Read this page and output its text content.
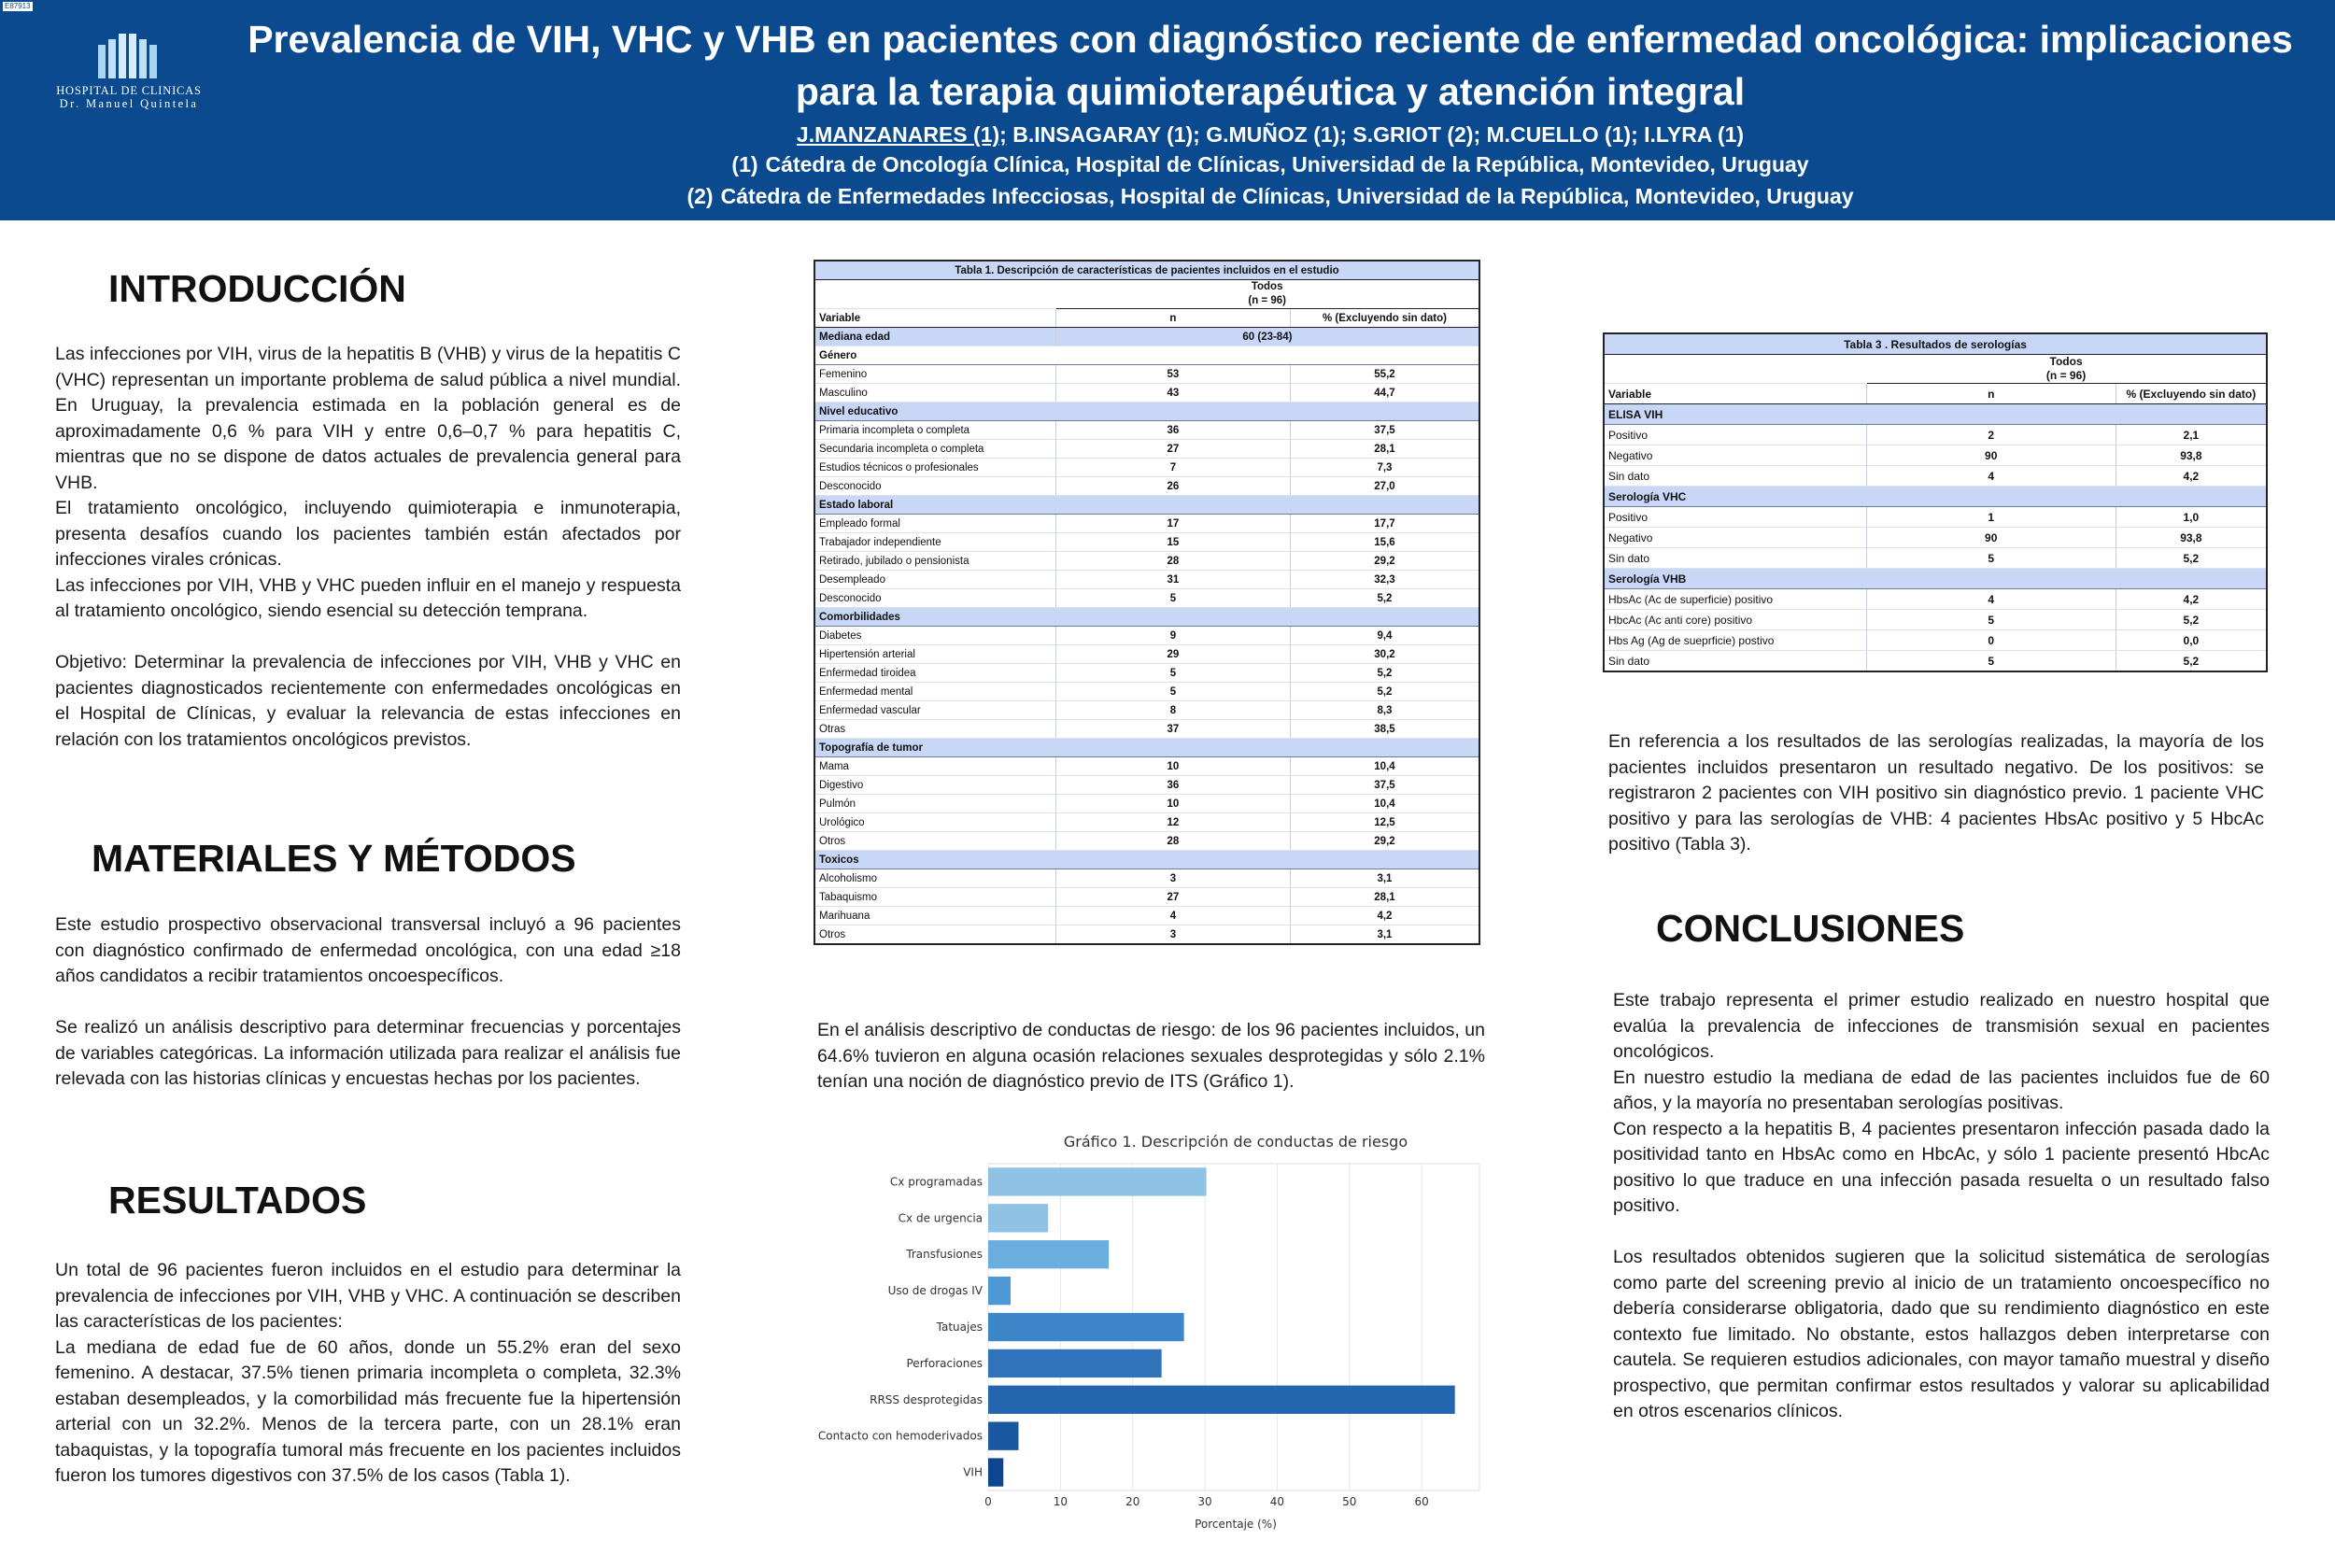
E87913
HOSPITAL DE CLINICAS
Dr. Manuel Quintela
Prevalencia de VIH, VHC y VHB en pacientes con diagnóstico reciente de enfermedad oncológica: implicaciones para la terapia quimioterapéutica y atención integral
J.MANZANARES (1); B.INSAGARAY (1); G.MUÑOZ (1); S.GRIOT (2); M.CUELLO (1); I.LYRA (1)
(1) Cátedra de Oncología Clínica, Hospital de Clínicas, Universidad de la República, Montevideo, Uruguay
(2) Cátedra de Enfermedades Infecciosas, Hospital de Clínicas, Universidad de la República, Montevideo, Uruguay
INTRODUCCIÓN

Las infecciones por VIH, virus de la hepatitis B (VHB) y virus de la hepatitis C (VHC) representan un importante problema de salud pública a nivel mundial. En Uruguay, la prevalencia estimada en la población general es de aproximadamente 0,6 % para VIH y entre 0,6–0,7 % para hepatitis C, mientras que no se dispone de datos actuales de prevalencia general para VHB.

El tratamiento oncológico, incluyendo quimioterapia e inmunoterapia, presenta desafíos cuando los pacientes también están afectados por infecciones virales crónicas.

Las infecciones por VIH, VHB y VHC pueden influir en el manejo y respuesta al tratamiento oncológico, siendo esencial su detección temprana.

Objetivo: Determinar la prevalencia de infecciones por VIH, VHB y VHC en pacientes diagnosticados recientemente con enfermedades oncológicas en el Hospital de Clínicas, y evaluar la relevancia de estas infecciones en relación con los tratamientos oncológicos previstos.

MATERIALES Y MÉTODOS

Este estudio prospectivo observacional transversal incluyó a 96 pacientes con diagnóstico confirmado de enfermedad oncológica, con una edad ≥18 años candidatos a recibir tratamientos oncoespecíficos.

Se realizó un análisis descriptivo para determinar frecuencias y porcentajes de variables categóricas. La información utilizada para realizar el análisis fue relevada con las historias clínicas y encuestas hechas por los pacientes.

RESULTADOS

Un total de 96 pacientes fueron incluidos en el estudio para determinar la prevalencia de infecciones por VIH, VHB y VHC. A continuación se describen las características de los pacientes:

La mediana de edad fue de 60 años, donde un 55.2% eran del sexo femenino. A destacar, 37.5% tienen primaria incompleta o completa, 32.3% estaban desempleados, y la comorbilidad más frecuente fue la hipertensión arterial con un 32.2%. Menos de la tercera parte, con un 28.1% eran tabaquistas, y la topografía tumoral más frecuente en los pacientes incluidos fueron los tumores digestivos con 37.5% de los casos (Tabla 1).

Tabla 1. Descripción de características de pacientes incluidos en el estudio		

	Todos
(n = 96)	

Variable	n	% (Excluyendo sin dato)
Mediana edad	60 (23-84)	
Género		
Femenino	53	55,2
Masculino	43	44,7
Nivel educativo		
Primaria incompleta o completa	36	37,5
Secundaria incompleta o completa	27	28,1
Estudios técnicos o profesionales	7	7,3
Desconocido	26	27,0
Estado laboral		
Empleado formal	17	17,7
Trabajador independiente	15	15,6
Retirado, jubilado o pensionista	28	29,2
Desempleado	31	32,3
Desconocido	5	5,2
Comorbilidades		
Diabetes	9	9,4
Hipertensión arterial	29	30,2
Enfermedad tiroidea	5	5,2
Enfermedad mental	5	5,2
Enfermedad vascular	8	8,3
Otras	37	38,5
Topografía de tumor		
Mama	10	10,4
Digestivo	36	37,5
Pulmón	10	10,4
Urológico	12	12,5
Otros	28	29,2
Toxicos		
Alcoholismo	3	3,1
Tabaquismo	27	28,1
Marihuana	4	4,2
Otros	3	3,1
En el análisis descriptivo de conductas de riesgo: de los 96 pacientes incluidos, un 64.6% tuvieron en alguna ocasión relaciones sexuales desprotegidas y sólo 2.1% tenían una noción de diagnóstico previo de ITS (Gráfico 1).
Cx programadas
Cx de urgencia
Transfusiones
Uso de drogas IV
Tatuajes
Perforaciones
RRSS desprotegidas
Contacto con hemoderivados
VIH
0	10	20	30	40	50	60
Gráfico 1. Descripción de conductas de riesgo
Porcentaje (%)
Tabla 3 . Resultados de serologías		

	Todos
(n = 96)	

Variable	n	% (Excluyendo sin dato)
ELISA VIH		
Positivo	2	2,1
Negativo	90	93,8
Sin dato	4	4,2
Serología VHC		
Positivo	1	1,0
Negativo	90	93,8
Sin dato	5	5,2
Serología VHB		
HbsAc (Ac de superficie) positivo	4	4,2
HbcAc (Ac anti core) positivo	5	5,2
Hbs Ag (Ag de sueprficie) postivo	0	0,0
Sin dato	5	5,2
En referencia a los resultados de las serologías realizadas, la mayoría de los pacientes incluidos presentaron un resultado negativo. De los positivos: se registraron 2 pacientes con VIH positivo sin diagnóstico previo. 1 paciente VHC positivo y para las serologías de VHB: 4 pacientes HbsAc positivo y 5 HbcAc positivo (Tabla 3).
CONCLUSIONES

Este trabajo representa el primer estudio realizado en nuestro hospital que evalúa la prevalencia de infecciones de transmisión sexual en pacientes oncológicos.

En nuestro estudio la mediana de edad de las pacientes incluidos fue de 60 años, y la mayoría no presentaban serologías positivas.

Con respecto a la hepatitis B, 4 pacientes presentaron infección pasada dado la positividad tanto en HbsAc como en HbcAc, y sólo 1 paciente presentó HbcAc positivo lo que traduce en una infección pasada resuelta o un resultado falso positivo.

Los resultados obtenidos sugieren que la solicitud sistemática de serologías como parte del screening previo al inicio de un tratamiento oncoespecífico no debería considerarse obligatoria, dado que su rendimiento diagnóstico en este contexto fue limitado. No obstante, estos hallazgos deben interpretarse con cautela. Se requieren estudios adicionales, con mayor tamaño muestral y diseño prospectivo, que permitan confirmar estos resultados y valorar su aplicabilidad en otros escenarios clínicos.
